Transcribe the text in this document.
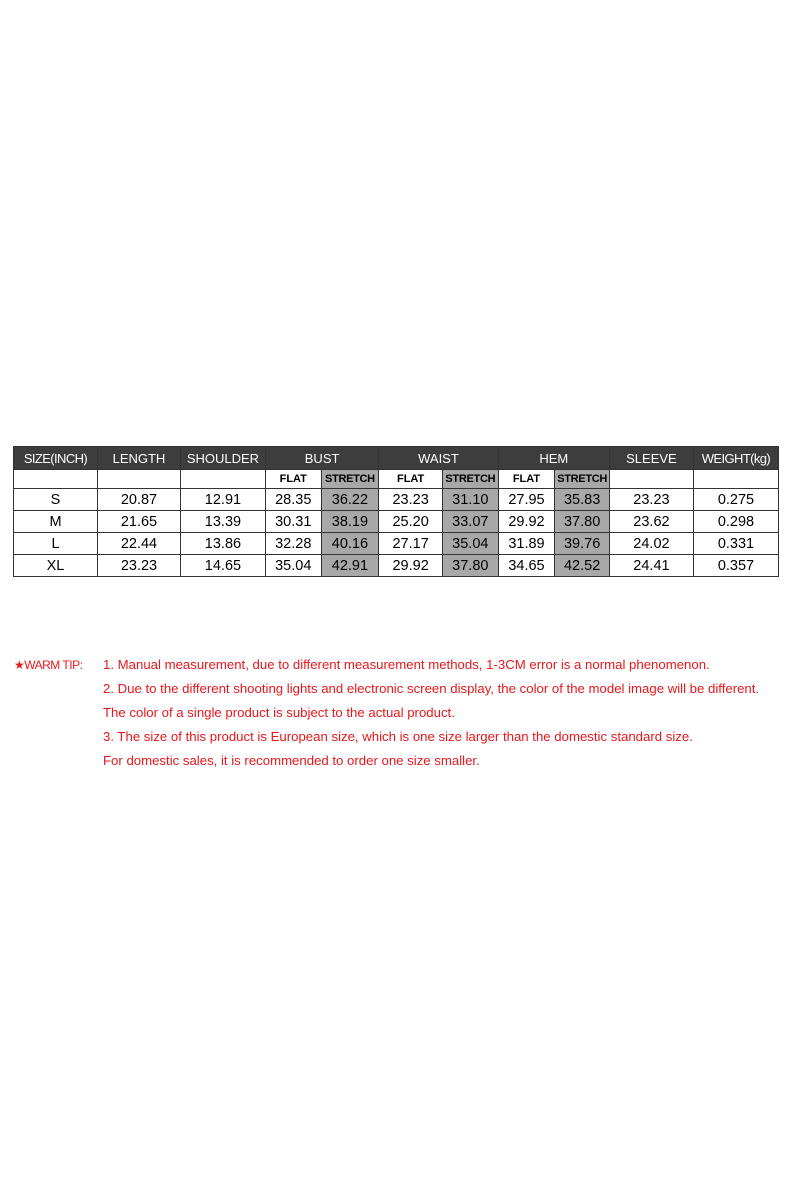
SIZE(INCH)	LENGTH	SHOULDER	BUST		WAIST		HEM		SLEEVE	WEIGHT(kg)
			FLAT	STRETCH	FLAT	STRETCH	FLAT	STRETCH		
S	20.87	12.91	28.35	36.22	23.23	31.10	27.95	35.83	23.23	0.275
M	21.65	13.39	30.31	38.19	25.20	33.07	29.92	37.80	23.62	0.298
L	22.44	13.86	32.28	40.16	27.17	35.04	31.89	39.76	24.02	0.331
XL	23.23	14.65	35.04	42.91	29.92	37.80	34.65	42.52	24.41	0.357
★WARM TIP: 1. Manual measurement, due to different measurement methods, 1-3CM error is a normal phenomenon.
2. Due to the different shooting lights and electronic screen display, the color of the model image will be different.
The color of a single product is subject to the actual product.
3. The size of this product is European size, which is one size larger than the domestic standard size.
For domestic sales, it is recommended to order one size smaller.
